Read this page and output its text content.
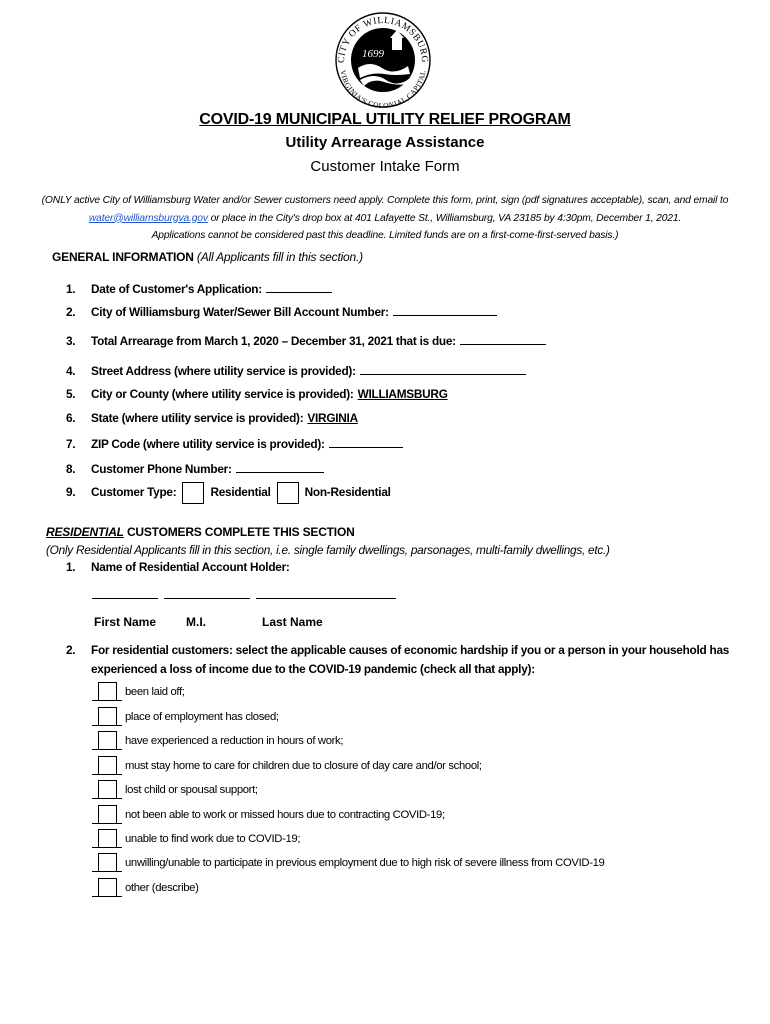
CITY OF WILLIAMSBURG
VIRGINIA'S COLONIAL CAPITAL
1699
COVID-19 MUNICIPAL UTILITY RELIEF PROGRAM
Utility Arrearage Assistance
Customer Intake Form
(ONLY active City of Williamsburg Water and/or Sewer customers need apply. Complete this form, print, sign (pdf signatures acceptable), scan, and email to water@williamsburgva.gov or place in the City's drop box at 401 Lafayette St., Williamsburg, VA 23185 by 4:30pm, December 1, 2021.
Applications cannot be considered past this deadline. Limited funds are on a first-come-first-served basis.)
GENERAL INFORMATION (All Applicants fill in this section.)
1. Date of Customer's Application:
2. City of Williamsburg Water/Sewer Bill Account Number:
3. Total Arrearage from March 1, 2020 – December 31, 2021 that is due:
4. Street Address (where utility service is provided):
5. City or County (where utility service is provided): WILLIAMSBURG
6. State (where utility service is provided): VIRGINIA
7. ZIP Code (where utility service is provided):
8. Customer Phone Number:
9. Customer Type:	Residential	Non-Residential
RESIDENTIAL CUSTOMERS COMPLETE THIS SECTION
(Only Residential Applicants fill in this section, i.e. single family dwellings, parsonages, multi-family dwellings, etc.)
1. Name of Residential Account Holder:
First Name M.I.	Last Name
2. For residential customers: select the applicable causes of economic hardship if you or a person in your household has experienced a loss of income due to the COVID-19 pandemic (check all that apply):
been laid off;
place of employment has closed;
have experienced a reduction in hours of work;
must stay home to care for children due to closure of day care and/or school;
lost child or spousal support;
not been able to work or missed hours due to contracting COVID-19;
unable to find work due to COVID-19;
unwilling/unable to participate in previous employment due to high risk of severe illness from COVID-19
other (describe)
